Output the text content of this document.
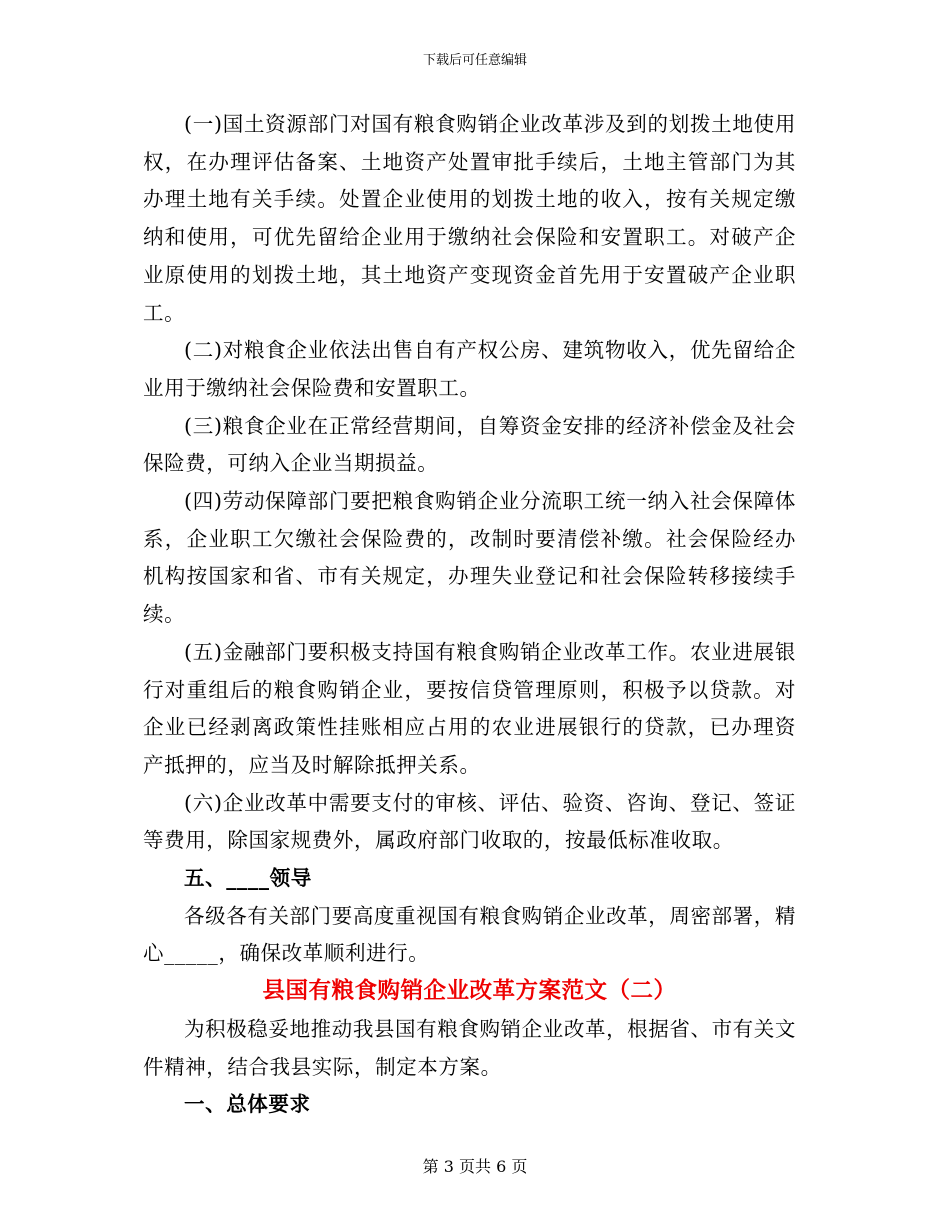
下载后可任意编辑

(一)国土资源部门对国有粮食购销企业改革涉及到的划拨土地使用权，在办理评估备案、土地资产处置审批手续后，土地主管部门为其办理土地有关手续。处置企业使用的划拨土地的收入，按有关规定缴纳和使用，可优先留给企业用于缴纳社会保险和安置职工。对破产企业原使用的划拨土地，其土地资产变现资金首先用于安置破产企业职工。

(二)对粮食企业依法出售自有产权公房、建筑物收入，优先留给企业用于缴纳社会保险费和安置职工。

(三)粮食企业在正常经营期间，自筹资金安排的经济补偿金及社会保险费，可纳入企业当期损益。

(四)劳动保障部门要把粮食购销企业分流职工统一纳入社会保障体系，企业职工欠缴社会保险费的，改制时要清偿补缴。社会保险经办机构按国家和省、市有关规定，办理失业登记和社会保险转移接续手续。

(五)金融部门要积极支持国有粮食购销企业改革工作。农业进展银行对重组后的粮食购销企业，要按信贷管理原则，积极予以贷款。对企业已经剥离政策性挂账相应占用的农业进展银行的贷款，已办理资产抵押的，应当及时解除抵押关系。

(六)企业改革中需要支付的审核、评估、验资、咨询、登记、签证等费用，除国家规费外，属政府部门收取的，按最低标准收取。

五、____领导

各级各有关部门要高度重视国有粮食购销企业改革，周密部署，精心_____，确保改革顺利进行。

县国有粮食购销企业改革方案范文（二）

为积极稳妥地推动我县国有粮食购销企业改革，根据省、市有关文件精神，结合我县实际，制定本方案。

一、总体要求

第 3 页共 6 页
